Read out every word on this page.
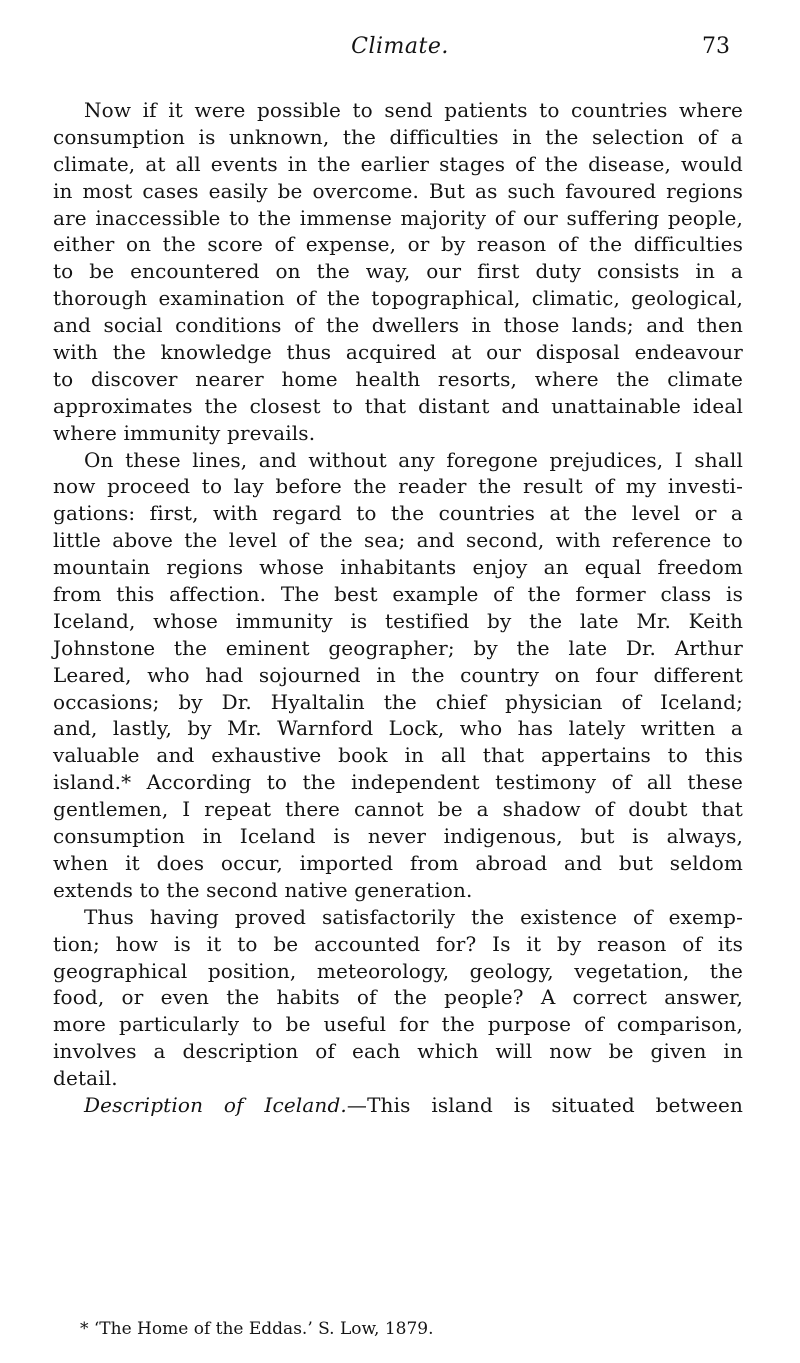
Climate.	73
Now if it were possible to send patients to countries where
consumption is unknown, the difficulties in the selection of a
climate, at all events in the earlier stages of the disease, would
in most cases easily be overcome. But as such favoured regions
are inaccessible to the immense majority of our suffering people,
either on the score of expense, or by reason of the difficulties
to be encountered on the way, our first duty consists in a
thorough examination of the topographical, climatic, geological,
and social conditions of the dwellers in those lands; and then
with the knowledge thus acquired at our disposal endeavour
to discover nearer home health resorts, where the climate
approximates the closest to that distant and unattainable ideal
where immunity prevails.
On these lines, and without any foregone prejudices, I shall
now proceed to lay before the reader the result of my investi-
gations: first, with regard to the countries at the level or a
little above the level of the sea; and second, with reference to
mountain regions whose inhabitants enjoy an equal freedom
from this affection. The best example of the former class is
Iceland, whose immunity is testified by the late Mr. Keith
Johnstone the eminent geographer; by the late Dr. Arthur
Leared, who had sojourned in the country on four different
occasions; by Dr. Hyaltalin the chief physician of Iceland;
and, lastly, by Mr. Warnford Lock, who has lately written a
valuable and exhaustive book in all that appertains to this
island.* According to the independent testimony of all these
gentlemen, I repeat there cannot be a shadow of doubt that
consumption in Iceland is never indigenous, but is always,
when it does occur, imported from abroad and but seldom
extends to the second native generation.
Thus having proved satisfactorily the existence of exemp-
tion; how is it to be accounted for? Is it by reason of its
geographical position, meteorology, geology, vegetation, the
food, or even the habits of the people? A correct answer,
more particularly to be useful for the purpose of comparison,
involves a description of each which will now be given in
detail.
Description of Iceland.—This island is situated between
* ‘The Home of the Eddas.’ S. Low, 1879.
